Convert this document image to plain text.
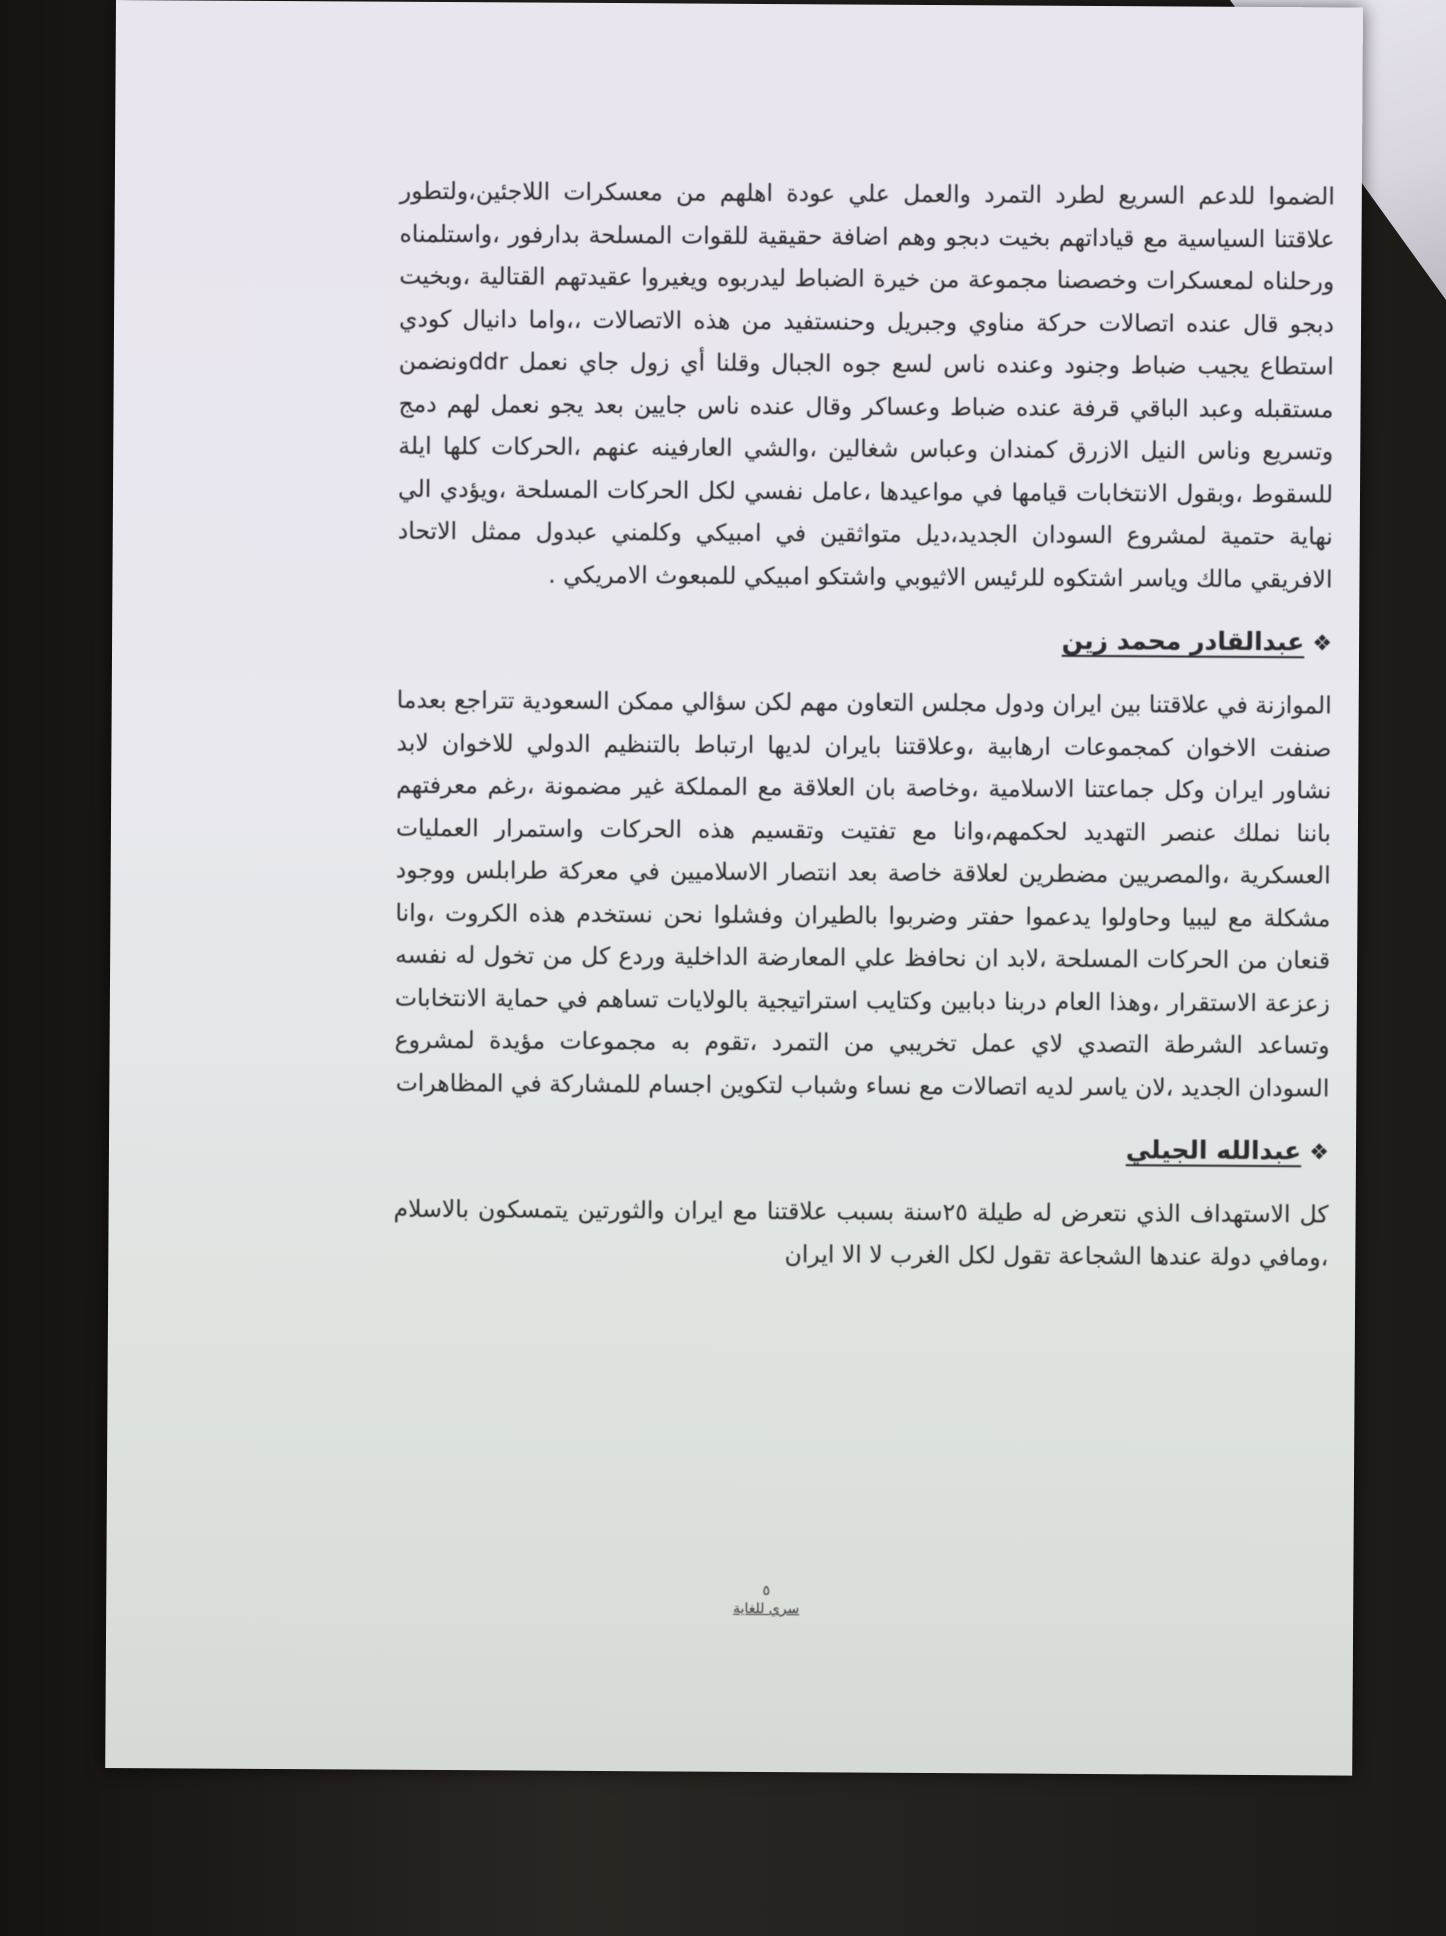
الضموا للدعم السريع لطرد التمرد والعمل علي عودة اهلهم من معسكرات اللاجئين،ولتطور علاقتنا السياسية مع قياداتهم بخيت دبجو وهم اضافة حقيقية للقوات المسلحة بدارفور ،واستلمناه ورحلناه لمعسكرات وخصصنا مجموعة من خيرة الضباط ليدربوه ويغيروا عقيدتهم القتالية ،وبخيت دبجو قال عنده اتصالات حركة مناوي وجبريل وحنستفيد من هذه الاتصالات ،،واما دانيال كودي استطاع يجيب ضباط وجنود وعنده ناس لسع جوه الجبال وقلنا أي زول جاي نعمل ddrونضمن مستقبله وعبد الباقي قرفة عنده ضباط وعساكر وقال عنده ناس جايين بعد يجو نعمل لهم دمج وتسريع وناس النيل الازرق كمندان وعباس شغالين ،والشي العارفينه عنهم ،الحركات كلها ايلة للسقوط ،وبقول الانتخابات قيامها في مواعيدها ،عامل نفسي لكل الحركات المسلحة ،ويؤدي الي نهاية حتمية لمشروع السودان الجديد،ديل متواثقين في امبيكي وكلمني عبدول ممثل الاتحاد الافريقي مالك وياسر اشتكوه للرئيس الاثيوبي واشتكو امبيكي للمبعوث الامريكي .

❖عبدالقادر محمد زين

الموازنة في علاقتنا بين ايران ودول مجلس التعاون مهم لكن سؤالي ممكن السعودية تتراجع بعدما صنفت الاخوان كمجموعات ارهابية ،وعلاقتنا بايران لديها ارتباط بالتنظيم الدولي للاخوان لابد نشاور ايران وكل جماعتنا الاسلامية ،وخاصة بان العلاقة مع المملكة غير مضمونة ،رغم معرفتهم باننا نملك عنصر التهديد لحكمهم،وانا مع تفتيت وتقسيم هذه الحركات واستمرار العمليات العسكرية ،والمصريين مضطرين لعلاقة خاصة بعد انتصار الاسلاميين في معركة طرابلس ووجود مشكلة مع ليبيا وحاولوا يدعموا حفتر وضربوا بالطيران وفشلوا نحن نستخدم هذه الكروت ،وانا قنعان من الحركات المسلحة ،لابد ان نحافظ علي المعارضة الداخلية وردع كل من تخول له نفسه زعزعة الاستقرار ،وهذا العام دربنا دبابين وكتايب استراتيجية بالولايات تساهم في حماية الانتخابات وتساعد الشرطة التصدي لاي عمل تخريبي من التمرد ،تقوم به مجموعات مؤيدة لمشروع السودان الجديد ،لان ياسر لديه اتصالات مع نساء وشباب لتكوين اجسام للمشاركة في المظاهرات

❖عبدالله الجيلي

كل الاستهداف الذي نتعرض له طيلة ٢٥سنة بسبب علاقتنا مع ايران والثورتين يتمسكون بالاسلام ،ومافي دولة عندها الشجاعة تقول لكل الغرب لا الا ايران

٥
سري للغاية
